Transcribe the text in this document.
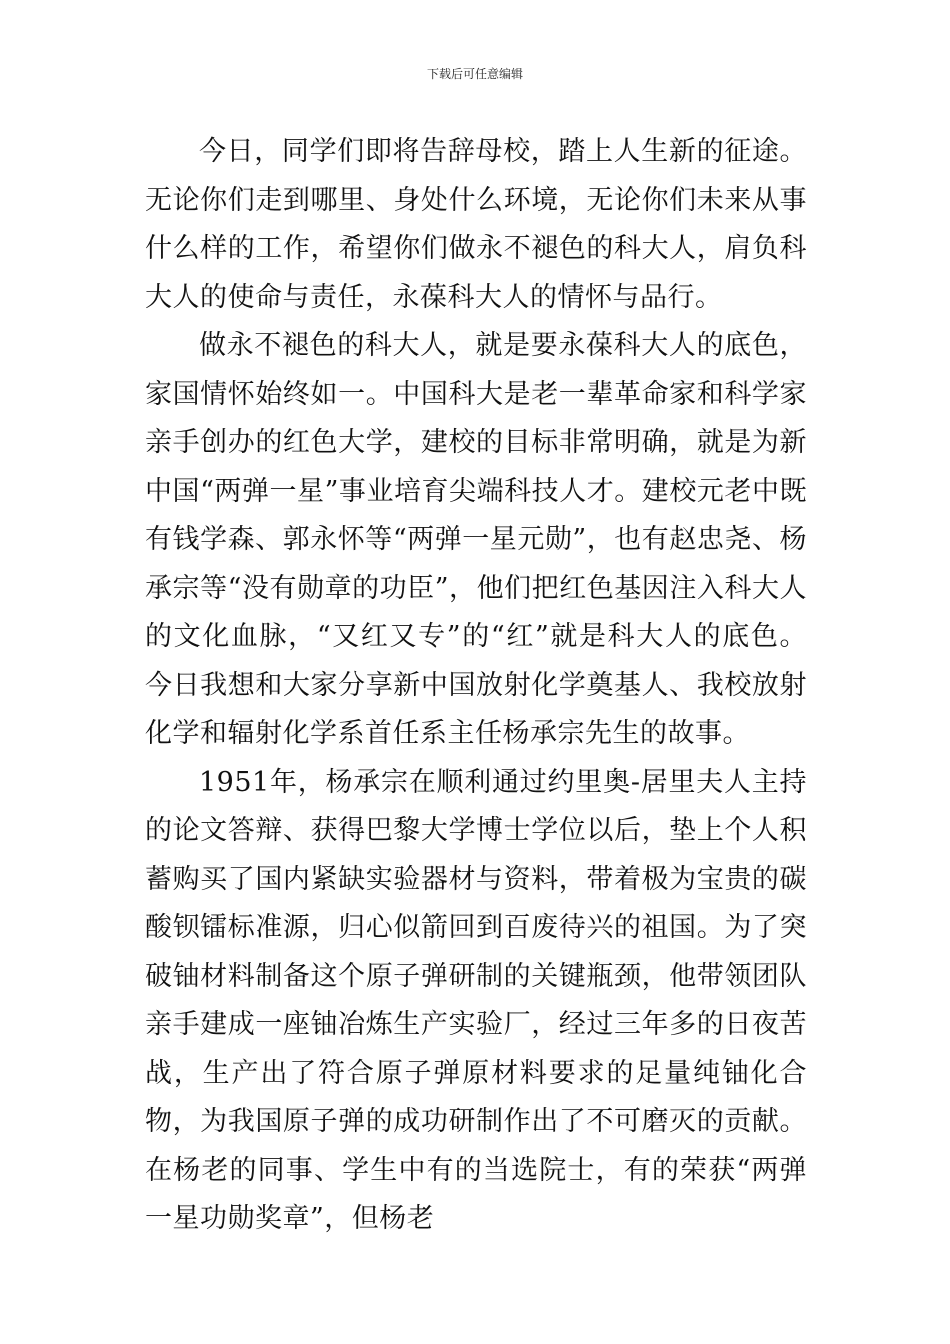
下载后可任意编辑

今日，同学们即将告辞母校，踏上人生新的征途。无论你们走到哪里、身处什么环境，无论你们未来从事什么样的工作，希望你们做永不褪色的科大人，肩负科大人的使命与责任，永葆科大人的情怀与品行。

做永不褪色的科大人，就是要永葆科大人的底色，家国情怀始终如一。中国科大是老一辈革命家和科学家亲手创办的红色大学，建校的目标非常明确，就是为新中国“两弹一星”事业培育尖端科技人才。建校元老中既有钱学森、郭永怀等“两弹一星元勋”，也有赵忠尧、杨承宗等“没有勋章的功臣”，他们把红色基因注入科大人的文化血脉，“又红又专”的“红”就是科大人的底色。今日我想和大家分享新中国放射化学奠基人、我校放射化学和辐射化学系首任系主任杨承宗先生的故事。

1951年，杨承宗在顺利通过约里奥-居里夫人主持的论文答辩、获得巴黎大学博士学位以后，垫上个人积蓄购买了国内紧缺实验器材与资料，带着极为宝贵的碳酸钡镭标准源，归心似箭回到百废待兴的祖国。为了突破铀材料制备这个原子弹研制的关键瓶颈，他带领团队亲手建成一座铀冶炼生产实验厂，经过三年多的日夜苦战，生产出了符合原子弹原材料要求的足量纯铀化合物，为我国原子弹的成功研制作出了不可磨灭的贡献。在杨老的同事、学生中有的当选院士，有的荣获“两弹一星功勋奖章”，但杨老
